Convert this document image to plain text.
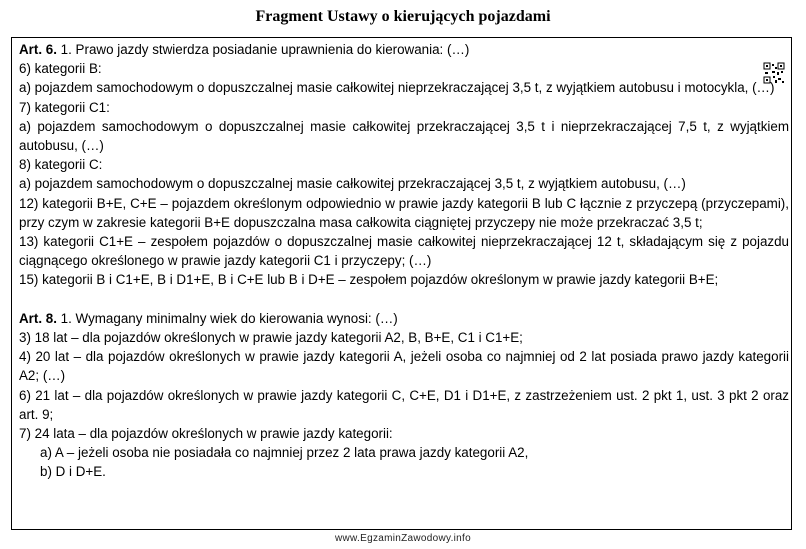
Fragment Ustawy o kierujących pojazdami
Art. 6. 1. Prawo jazdy stwierdza posiadanie uprawnienia do kierowania: (…)
6) kategorii B:
a) pojazdem samochodowym o dopuszczalnej masie całkowitej nieprzekraczającej 3,5 t, z wyjątkiem autobusu i motocykla, (…)
7) kategorii C1:
a) pojazdem samochodowym o dopuszczalnej masie całkowitej przekraczającej 3,5 t i nieprzekraczającej 7,5 t, z wyjątkiem autobusu, (…)
8) kategorii C:
a) pojazdem samochodowym o dopuszczalnej masie całkowitej przekraczającej 3,5 t, z wyjątkiem autobusu, (…)
12) kategorii B+E, C+E – pojazdem określonym odpowiednio w prawie jazdy kategorii B lub C łącznie z przyczepą (przyczepami), przy czym w zakresie kategorii B+E dopuszczalna masa całkowita ciągniętej przyczepy nie może przekraczać 3,5 t;
13) kategorii C1+E – zespołem pojazdów o dopuszczalnej masie całkowitej nieprzekraczającej 12 t, składającym się z pojazdu ciągnącego określonego w prawie jazdy kategorii C1 i przyczepy; (…)
15) kategorii B i C1+E, B i D1+E, B i C+E lub B i D+E – zespołem pojazdów określonym w prawie jazdy kategorii B+E;
Art. 8. 1. Wymagany minimalny wiek do kierowania wynosi: (…)
3) 18 lat – dla pojazdów określonych w prawie jazdy kategorii A2, B, B+E, C1 i C1+E;
4) 20 lat – dla pojazdów określonych w prawie jazdy kategorii A, jeżeli osoba co najmniej od 2 lat posiada prawo jazdy kategorii A2; (…)
6) 21 lat – dla pojazdów określonych w prawie jazdy kategorii C, C+E, D1 i D1+E, z zastrzeżeniem ust. 2 pkt 1, ust. 3 pkt 2 oraz art. 9;
7) 24 lata – dla pojazdów określonych w prawie jazdy kategorii:
a) A – jeżeli osoba nie posiadała co najmniej przez 2 lata prawa jazdy kategorii A2,
b) D i D+E.
www.EgzaminZawodowy.info
